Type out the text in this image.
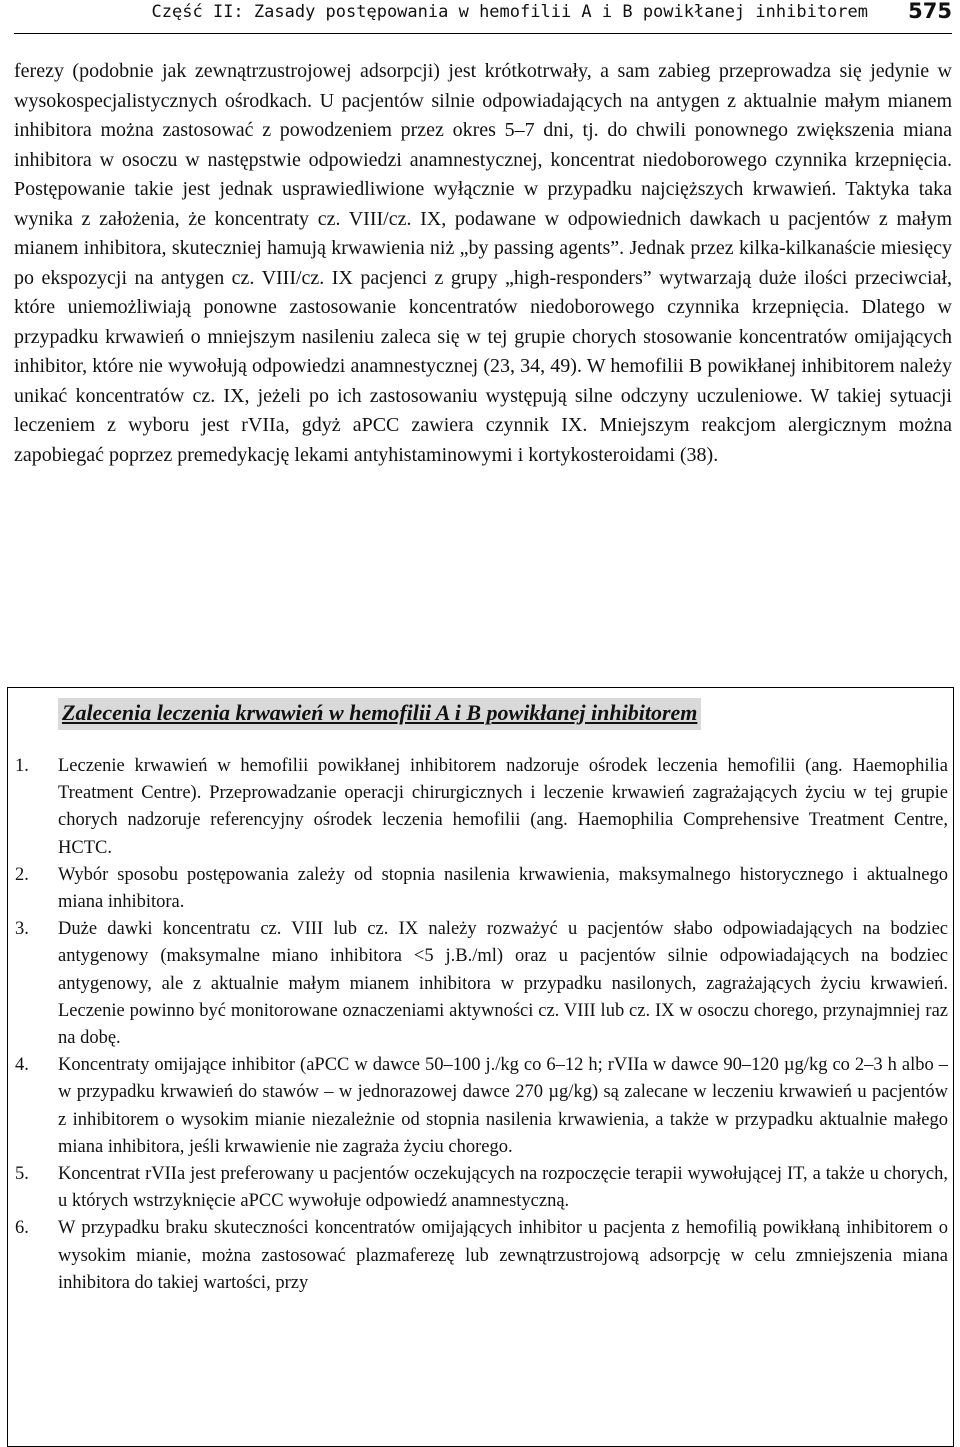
Część II: Zasady postępowania w hemofilii A i B powikłanej inhibitorem 575

ferezy (podobnie jak zewnątrzustrojowej adsorpcji) jest krótkotrwały, a sam zabieg przeprowadza się jedynie w wysokospecjalistycznych ośrodkach. U pacjentów silnie odpowiadających na antygen z aktualnie małym mianem inhibitora można zastosować z powodzeniem przez okres 5–7 dni, tj. do chwili ponownego zwiększenia miana inhibitora w osoczu w następstwie odpowiedzi anamnestycznej, koncentrat niedoborowego czynnika krzepnięcia. Postępowanie takie jest jednak usprawiedliwione wyłącznie w przypadku najcięższych krwawień. Taktyka taka wynika z założenia, że koncentraty cz. VIII/cz. IX, podawane w odpowiednich dawkach u pacjentów z małym mianem inhibitora, skuteczniej hamują krwawienia niż „by passing agents”. Jednak przez kilka-kilkanaście miesięcy po ekspozycji na antygen cz. VIII/cz. IX pacjenci z grupy „high-responders” wytwarzają duże ilości przeciwciał, które uniemożliwiają ponowne zastosowanie koncentratów niedoborowego czynnika krzepnięcia. Dlatego w przypadku krwawień o mniejszym nasileniu zaleca się w tej grupie chorych stosowanie koncentratów omijających inhibitor, które nie wywołują odpowiedzi anamnestycznej (23, 34, 49). W hemofilii B powikłanej inhibitorem należy unikać koncentratów cz. IX, jeżeli po ich zastosowaniu występują silne odczyny uczuleniowe. W takiej sytuacji leczeniem z wyboru jest rVIIa, gdyż aPCC zawiera czynnik IX. Mniejszym reakcjom alergicznym można zapobiegać poprzez premedykację lekami antyhistaminowymi i kortykosteroidami (38).

Zalecenia leczenia krwawień w hemofilii A i B powikłanej inhibitorem
1. Leczenie krwawień w hemofilii powikłanej inhibitorem nadzoruje ośrodek leczenia hemofilii (ang. Haemophilia Treatment Centre). Przeprowadzanie operacji chirurgicznych i leczenie krwawień zagrażających życiu w tej grupie chorych nadzoruje referencyjny ośrodek leczenia hemofilii (ang. Haemophilia Comprehensive Treatment Centre, HCTC.
2. Wybór sposobu postępowania zależy od stopnia nasilenia krwawienia, maksymalnego historycznego i aktualnego miana inhibitora.
3. Duże dawki koncentratu cz. VIII lub cz. IX należy rozważyć u pacjentów słabo odpowiadających na bodziec antygenowy (maksymalne miano inhibitora <5 j.B./ml) oraz u pacjentów silnie odpowiadających na bodziec antygenowy, ale z aktualnie małym mianem inhibitora w przypadku nasilonych, zagrażających życiu krwawień. Leczenie powinno być monitorowane oznaczeniami aktywności cz. VIII lub cz. IX w osoczu chorego, przynajmniej raz na dobę.
4. Koncentraty omijające inhibitor (aPCC w dawce 50–100 j./kg co 6–12 h; rVIIa w dawce 90–120 µg/kg co 2–3 h albo – w przypadku krwawień do stawów – w jednorazowej dawce 270 µg/kg) są zalecane w leczeniu krwawień u pacjentów z inhibitorem o wysokim mianie niezależnie od stopnia nasilenia krwawienia, a także w przypadku aktualnie małego miana inhibitora, jeśli krwawienie nie zagraża życiu chorego.
5. Koncentrat rVIIa jest preferowany u pacjentów oczekujących na rozpoczęcie terapii wywołującej IT, a także u chorych, u których wstrzyknięcie aPCC wywołuje odpowiedź anamnestyczną.
6. W przypadku braku skuteczności koncentratów omijających inhibitor u pacjenta z hemofilią powikłaną inhibitorem o wysokim mianie, można zastosować plazmaferezę lub zewnątrzustrojową adsorpcję w celu zmniejszenia miana inhibitora do takiej wartości, przy
